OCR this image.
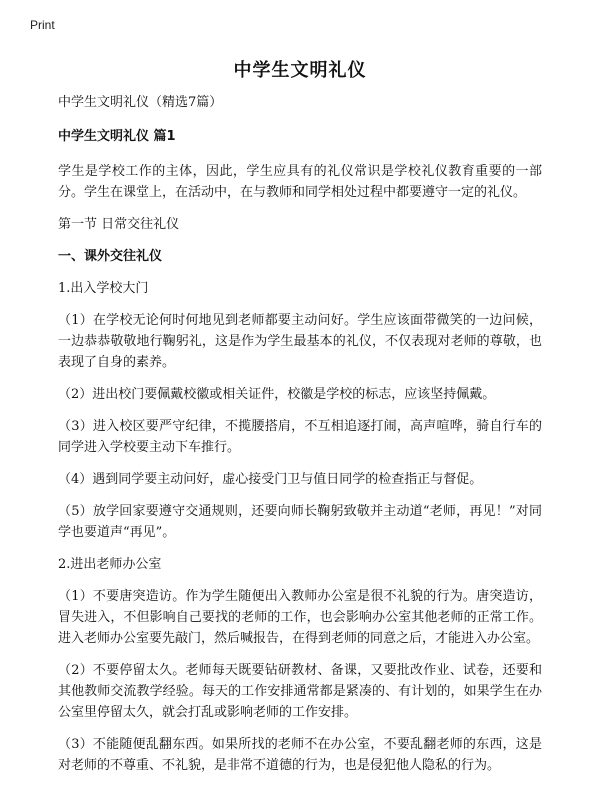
Print
中学生文明礼仪

中学生文明礼仪（精选7篇）

中学生文明礼仪 篇1

学生是学校工作的主体，因此，学生应具有的礼仪常识是学校礼仪教育重要的一部分。学生在课堂上，在活动中，在与教师和同学相处过程中都要遵守一定的礼仪。

第一节 日常交往礼仪

一、课外交往礼仪

1.出入学校大门

（1）在学校无论何时何地见到老师都要主动问好。学生应该面带微笑的一边问候，一边恭恭敬敬地行鞠躬礼，这是作为学生最基本的礼仪，不仅表现对老师的尊敬，也表现了自身的素养。

（2）进出校门要佩戴校徽或相关证件，校徽是学校的标志，应该坚持佩戴。

（3）进入校区要严守纪律，不揽腰搭肩，不互相追逐打闹，高声喧哗，骑自行车的同学进入学校要主动下车推行。

（4）遇到同学要主动问好，虚心接受门卫与值日同学的检查指正与督促。

（5）放学回家要遵守交通规则，还要向师长鞠躬致敬并主动道“老师，再见！”对同学也要道声“再见”。

2.进出老师办公室

（1）不要唐突造访。作为学生随便出入教师办公室是很不礼貌的行为。唐突造访，冒失进入，不但影响自己要找的老师的工作，也会影响办公室其他老师的正常工作。进入老师办公室要先敲门，然后喊报告，在得到老师的同意之后，才能进入办公室。

（2）不要停留太久。老师每天既要钻研教材、备课，又要批改作业、试卷，还要和其他教师交流教学经验。每天的工作安排通常都是紧凑的、有计划的，如果学生在办公室里停留太久，就会打乱或影响老师的工作安排。

（3）不能随便乱翻东西。如果所找的老师不在办公室，不要乱翻老师的东西，这是对老师的不尊重、不礼貌，是非常不道德的行为，也是侵犯他人隐私的行为。
